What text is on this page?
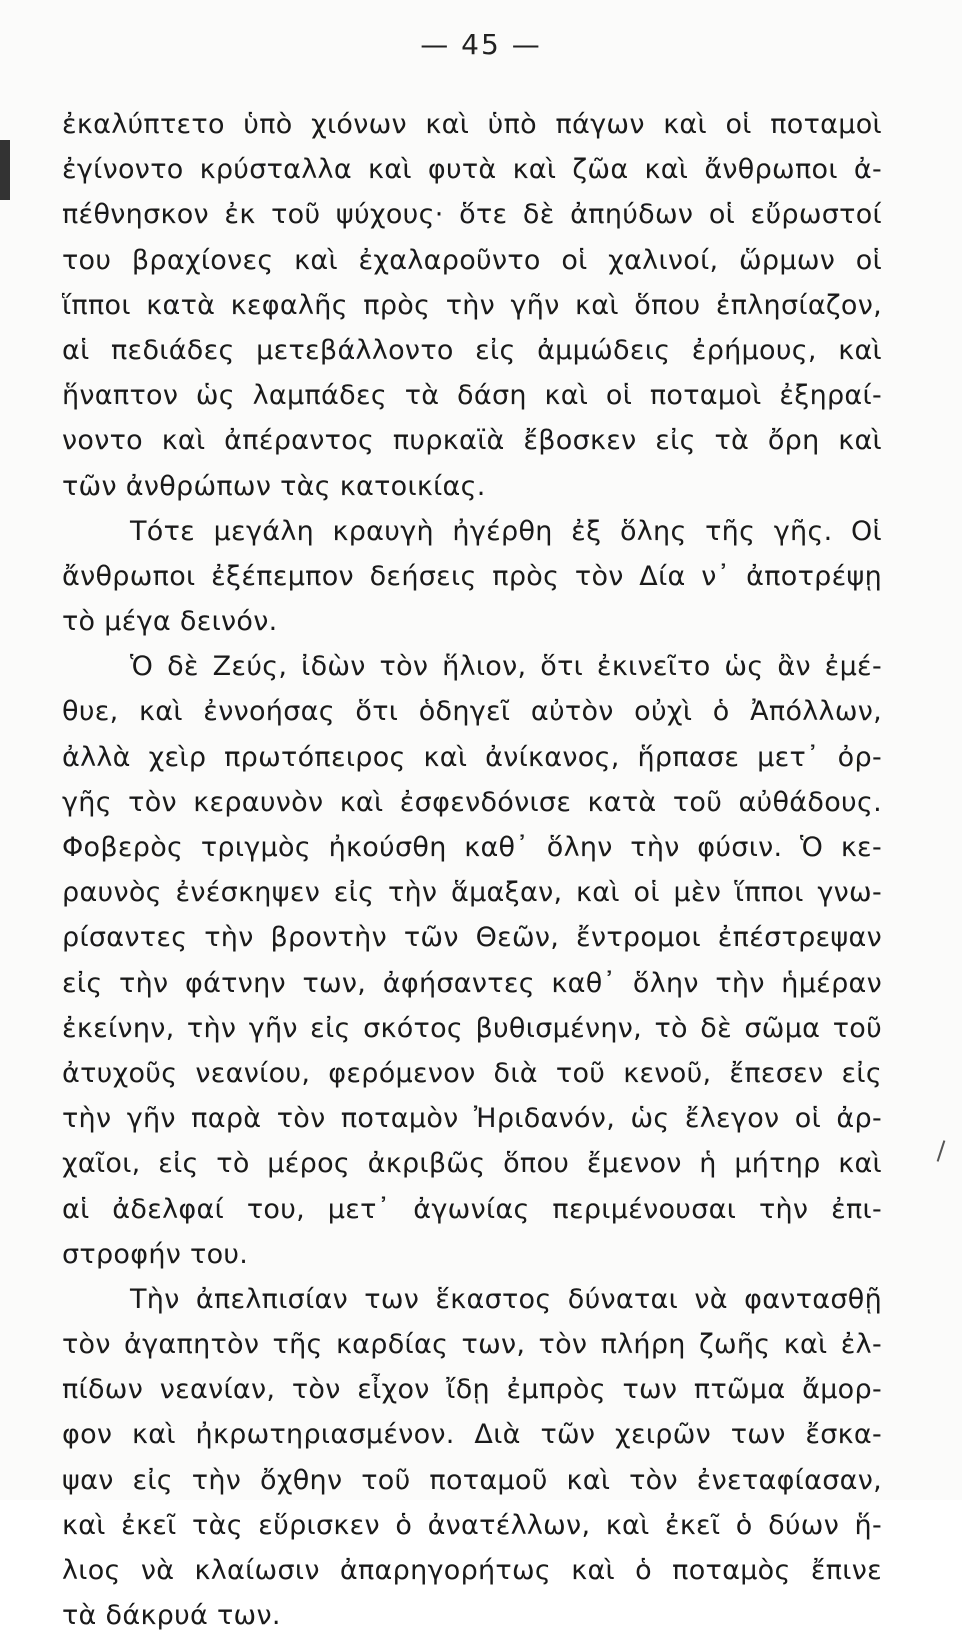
— 45 —
ἐκαλύπτετο ὑπὸ χιόνων καὶ ὑπὸ πάγων καὶ οἱ ποταμοὶ
ἐγίνοντο κρύσταλλα καὶ φυτὰ καὶ ζῶα καὶ ἄνθρωποι ἀ-
πέθνησκον ἐκ τοῦ ψύχους· ὅτε δὲ ἀπηύδων οἱ εὔρωστοί
του βραχίονες καὶ ἐχαλαροῦντο οἱ χαλινοί, ὥρμων οἱ
ἵπποι κατὰ κεφαλῆς πρὸς τὴν γῆν καὶ ὅπου ἐπλησίαζον,
αἱ πεδιάδες μετεβάλλοντο εἰς ἀμμώδεις ἐρήμους, καὶ
ἥναπτον ὡς λαμπάδες τὰ δάση καὶ οἱ ποταμοὶ ἐξηραί-
νοντο καὶ ἀπέραντος πυρκαϊὰ ἔβοσκεν εἰς τὰ ὄρη καὶ
τῶν ἀνθρώπων τὰς κατοικίας.
Τότε μεγάλη κραυγὴ ἠγέρθη ἐξ ὅλης τῆς γῆς. Οἱ
ἄνθρωποι ἐξέπεμπον δεήσεις πρὸς τὸν Δία ν᾽ ἀποτρέψῃ
τὸ μέγα δεινόν.
Ὁ δὲ Ζεύς, ἰδὼν τὸν ἥλιον, ὅτι ἐκινεῖτο ὡς ἂν ἐμέ-
θυε, καὶ ἐννοήσας ὅτι ὁδηγεῖ αὐτὸν οὐχὶ ὁ Ἀπόλλων,
ἀλλὰ χεὶρ πρωτόπειρος καὶ ἀνίκανος, ἥρπασε μετ᾽ ὀρ-
γῆς τὸν κεραυνὸν καὶ ἐσφενδόνισε κατὰ τοῦ αὐθάδους.
Φοβερὸς τριγμὸς ἠκούσθη καθ᾽ ὅλην τὴν φύσιν. Ὁ κε-
ραυνὸς ἐνέσκηψεν εἰς τὴν ἅμαξαν, καὶ οἱ μὲν ἵπποι γνω-
ρίσαντες τὴν βροντὴν τῶν Θεῶν, ἔντρομοι ἐπέστρεψαν
εἰς τὴν φάτνην των, ἀφήσαντες καθ᾽ ὅλην τὴν ἡμέραν
ἐκείνην, τὴν γῆν εἰς σκότος βυθισμένην, τὸ δὲ σῶμα τοῦ
ἀτυχοῦς νεανίου, φερόμενον διὰ τοῦ κενοῦ, ἔπεσεν εἰς
τὴν γῆν παρὰ τὸν ποταμὸν Ἠριδανόν, ὡς ἔλεγον οἱ ἀρ-
χαῖοι, εἰς τὸ μέρος ἀκριβῶς ὅπου ἔμενον ἡ μήτηρ καὶ
αἱ ἀδελφαί του, μετ᾽ ἀγωνίας περιμένουσαι τὴν ἐπι-
στροφήν του.
Τὴν ἀπελπισίαν των ἕκαστος δύναται νὰ φαντασθῇ
τὸν ἀγαπητὸν τῆς καρδίας των, τὸν πλήρη ζωῆς καὶ ἐλ-
πίδων νεανίαν, τὸν εἶχον ἴδῃ ἐμπρὸς των πτῶμα ἄμορ-
φον καὶ ἠκρωτηριασμένον. Διὰ τῶν χειρῶν των ἔσκα-
ψαν εἰς τὴν ὄχθην τοῦ ποταμοῦ καὶ τὸν ἐνεταφίασαν,
καὶ ἐκεῖ τὰς εὕρισκεν ὁ ἀνατέλλων, καὶ ἐκεῖ ὁ δύων ἥ-
λιος νὰ κλαίωσιν ἀπαρηγορήτως καὶ ὁ ποταμὸς ἔπινε
τὰ δάκρυά των.
